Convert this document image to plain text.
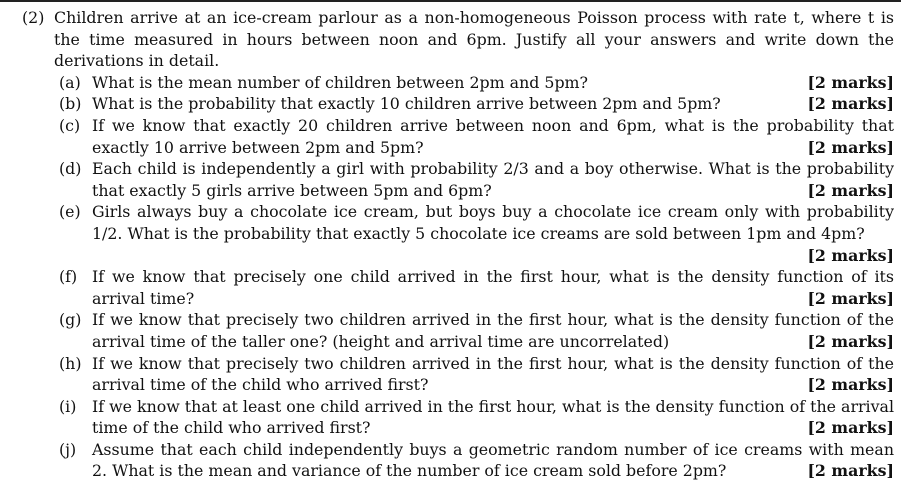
(2) Children arrive at an ice-cream parlour as a non-homogeneous Poisson process with rate t, where t is the time measured in hours between noon and 6pm. Justify all your answers and write down the derivations in detail.
(a)	[2 marks]
What is the mean number of children between 2pm and 5pm?
(b)	[2 marks]
What is the probability that exactly 10 children arrive between 2pm and 5pm?
(c) If we know that exactly 20 children arrive between noon and 6pm, what is the probability that exactly 10 arrive between 2pm and 5pm?	[2 marks]
(d) Each child is independently a girl with probability 2/3 and a boy otherwise. What is the probability that exactly 5 girls arrive between 5pm and 6pm?	[2 marks]
(e) Girls always buy a chocolate ice cream, but boys buy a chocolate ice cream only with probability 1/2. What is the probability that exactly 5 chocolate ice creams are sold between 1pm and 4pm?
[2 marks]
(f) If we know that precisely one child arrived in the first hour, what is the density function of its arrival time?	[2 marks]
(g) If we know that precisely two children arrived in the first hour, what is the density function of the arrival time of the taller one? (height and arrival time are uncorrelated)	[2 marks]
(h) If we know that precisely two children arrived in the first hour, what is the density function of the arrival time of the child who arrived first?	[2 marks]
(i) If we know that at least one child arrived in the first hour, what is the density function of the arrival time of the child who arrived first?	[2 marks]
(j) Assume that each child independently buys a geometric random number of ice creams with mean 2. What is the mean and variance of the number of ice cream sold before 2pm?	[2 marks]
